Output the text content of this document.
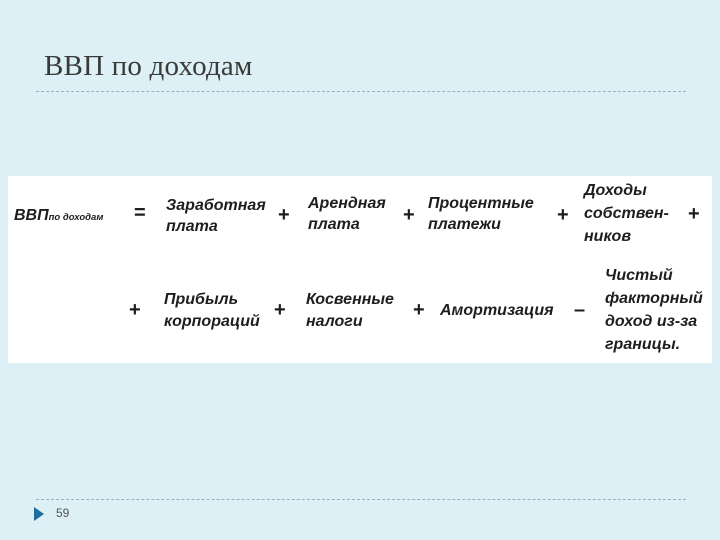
ВВП по доходам
ВВПпо доходам = Заработная
плата
+
Арендная
плата +
Процентные
платежи	+
Доходы
собствен-
ников
+
+ Прибыль
корпораций
+ Косвенные
налоги
+ Амортизация –
Чистый
факторный
доход из-за
границы.
59
